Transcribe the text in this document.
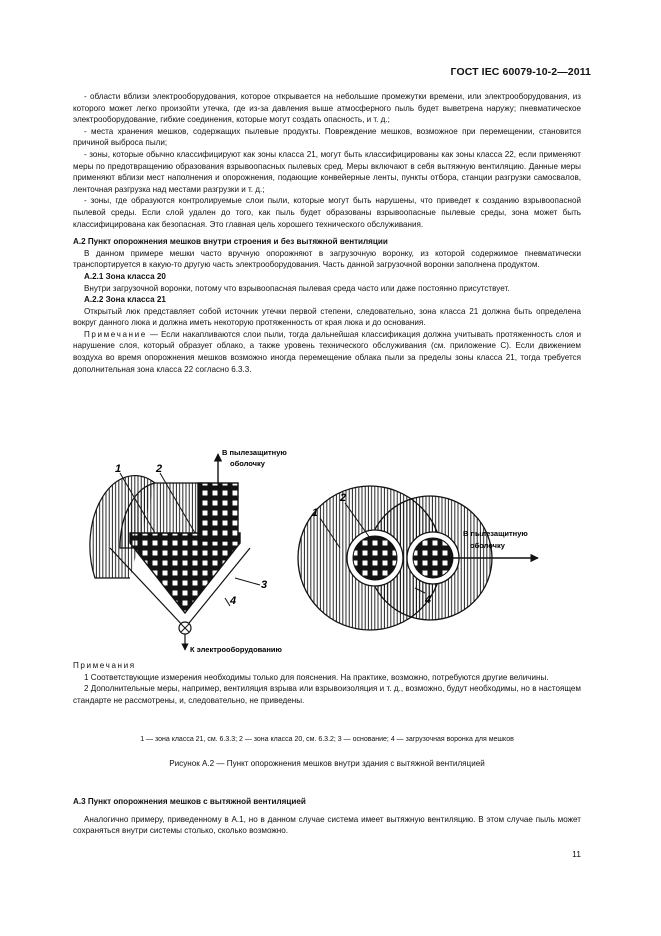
ГОСТ IEC 60079-10-2—2011

- области вблизи электрооборудования, которое открывается на небольшие промежутки времени, или электрооборудования, из которого может легко произойти утечка, где из-за давления выше атмосферного пыль будет выветрена наружу; пневматическое электрооборудование, гибкие соединения, которые могут создать опасность, и т. д.;

- места хранения мешков, содержащих пылевые продукты. Повреждение мешков, возможное при перемещении, становится причиной выброса пыли;

- зоны, которые обычно классифицируют как зоны класса 21, могут быть классифицированы как зоны класса 22, если применяют меры по предотвращению образования взрывоопасных пылевых сред. Меры включают в себя вытяжную вентиляцию. Данные меры применяют вблизи мест наполнения и опорожнения, подающие конвейерные ленты, пункты отбора, станции разгрузки самосвалов, ленточная разгрузка над местами разгрузки и т. д.;

- зоны, где образуются контролируемые слои пыли, которые могут быть нарушены, что приведет к созданию взрывоопасной пылевой среды. Если слой удален до того, как пыль будет образованы взрывоопасные пылевые среды, зона может быть классифицирована как безопасная. Это главная цель хорошего технического обслуживания.

А.2 Пункт опорожнения мешков внутри строения и без вытяжной вентиляции

В данном примере мешки часто вручную опорожняют в загрузочную воронку, из которой содержимое пневматически транспортируется в какую-то другую часть электрооборудования. Часть данной загрузочной воронки заполнена продуктом.

А.2.1 Зона класса 20

Внутри загрузочной воронки, потому что взрывоопасная пылевая среда часто или даже постоянно присутствует.

А.2.2 Зона класса 21

Открытый люк представляет собой источник утечки первой степени, следовательно, зона класса 21 должна быть определена вокруг данного люка и должна иметь некоторую протяженность от края люка и до основания.

Примечание — Если накапливаются слои пыли, тогда дальнейшая классификация должна учитывать протяженность слоя и нарушение слоя, который образует облако, а также уровень технического обслуживания (см. приложение С). Если движением воздуха во время опорожнения мешков возможно иногда перемещение облака пыли за пределы зоны класса 21, тогда требуется дополнительная зона класса 22 согласно 6.3.3.

1	2
3
4
В пылезащитную
оболочку
К электрооборудованию
1
2
4
В пылезащитную
оболочку

Примечания

1 Соответствующие измерения необходимы только для пояснения. На практике, возможно, потребуются другие величины.

2 Дополнительные меры, например, вентиляция взрыва или взрывоизоляция и т. д., возможно, будут необходимы, но в настоящем стандарте не рассмотрены, и, следовательно, не приведены.

1 — зона класса 21, см. 6.3.3; 2 — зона класса 20, см. 6.3.2; 3 — основание; 4 — загрузочная воронка для мешков
Рисунок А.2 — Пункт опорожнения мешков внутри здания с вытяжной вентиляцией

А.3 Пункт опорожнения мешков с вытяжной вентиляцией

Аналогично примеру, приведенному в А.1, но в данном случае система имеет вытяжную вентиляцию. В этом случае пыль может сохраняться внутри системы столько, сколько возможно.

11
